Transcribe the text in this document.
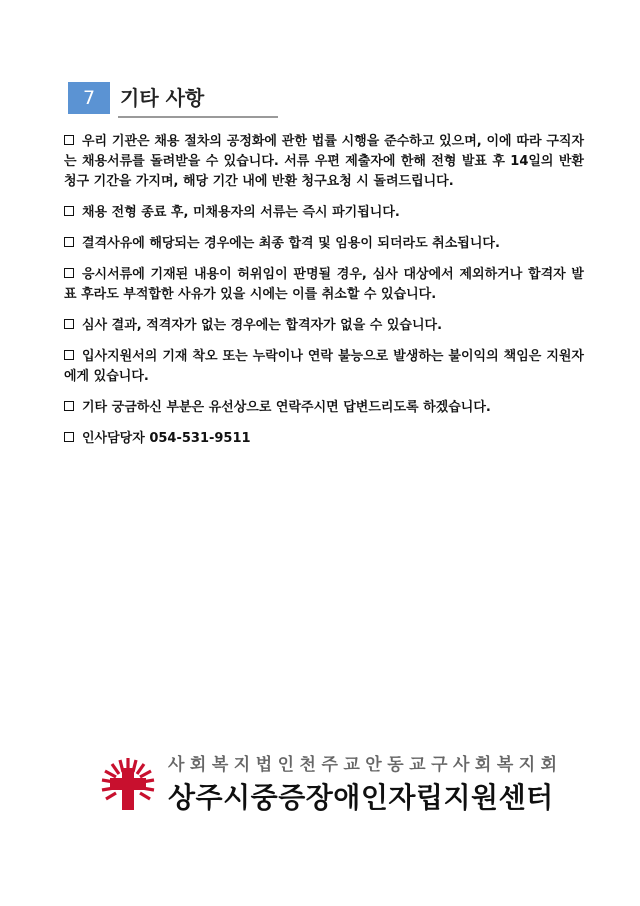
7	기타 사항
우리 기관은 채용 절차의 공정화에 관한 법률 시행을 준수하고 있으며, 이에 따라 구직자는 채용서류를 돌려받을 수 있습니다. 서류 우편 제출자에 한해 전형 발표 후 14일의 반환청구 기간을 가지며, 해당 기간 내에 반환 청구요청 시 돌려드립니다.
채용 전형 종료 후, 미채용자의 서류는 즉시 파기됩니다.
결격사유에 해당되는 경우에는 최종 합격 및 임용이 되더라도 취소됩니다.
응시서류에 기재된 내용이 허위임이 판명될 경우, 심사 대상에서 제외하거나 합격자 발표 후라도 부적합한 사유가 있을 시에는 이를 취소할 수 있습니다.
심사 결과, 적격자가 없는 경우에는 합격자가 없을 수 있습니다.
입사지원서의 기재 착오 또는 누락이나 연락 불능으로 발생하는 불이익의 책임은 지원자에게 있습니다.
기타 궁금하신 부분은 유선상으로 연락주시면 답변드리도록 하겠습니다.
인사담당자 054-531-9511
사회복지법인천주교안동교구사회복지회
상주시중증장애인자립지원센터
